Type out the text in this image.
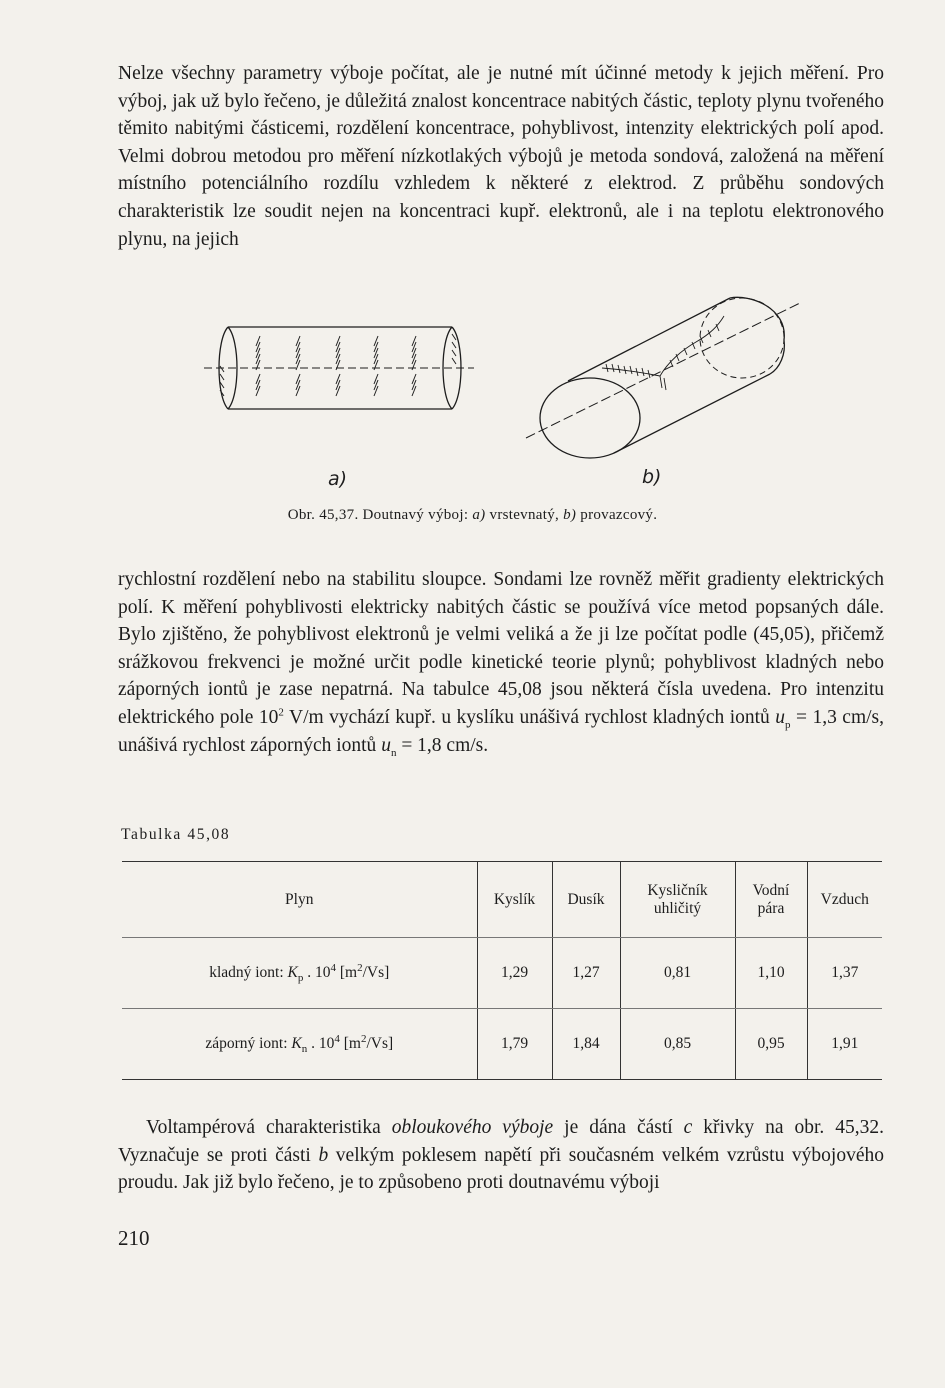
Nelze všechny parametry výboje počítat, ale je nutné mít účinné metody k jejich měření. Pro výboj, jak už bylo řečeno, je důležitá znalost koncentrace nabitých částic, teploty plynu tvořeného těmito nabitými částicemi, rozdělení koncentrace, pohyblivost, intenzity elektrických polí apod. Velmi dobrou metodou pro měření nízkotlakých výbojů je metoda sondová, založená na měření místního potenciálního rozdílu vzhledem k některé z elektrod. Z průběhu sondových charakteristik lze soudit nejen na koncentraci kupř. elektronů, ale i na teplotu elektronového plynu, na jejich

a)	b)
Obr. 45,37. Doutnavý výboj: a) vrstevnatý, b) provazcový.

rychlostní rozdělení nebo na stabilitu sloupce. Sondami lze rovněž měřit gradienty elektrických polí. K měření pohyblivosti elektricky nabitých částic se používá více metod popsaných dále. Bylo zjištěno, že pohyblivost elektronů je velmi veliká a že ji lze počítat podle (45,05), přičemž srážkovou frekvenci je možné určit podle kinetické teorie plynů; pohyblivost kladných nebo záporných iontů je zase nepatrná. Na tabulce 45,08 jsou některá čísla uvedena. Pro intenzitu elektrického pole $10^2$ V/m vychází kupř. u kyslíku unášivá rychlost kladných iontů $u_p = 1,3$ cm/s, unášivá rychlost záporných iontů $u_n = 1,8$ cm/s.

Tabulka 45,08
Plyn	Kyslík	Dusík	Kysličník uhličitý	Vodní pára	Vzduch
kladný iont: $K_p$ . $10^4$ $[m^2/Vs]$	1,29	1,27	0,81	1,10	1,37
záporný iont: $K_n$ . $10^4$ $[m^2/Vs]$	1,79	1,84	0,85	0,95	1,91

Voltampérová charakteristika obloukového výboje je dána částí c křivky na obr. 45,32. Vyznačuje se proti části b velkým poklesem napětí při současném velkém vzrůstu výbojového proudu. Jak již bylo řečeno, je to způsobeno proti doutnavému výboji

210
